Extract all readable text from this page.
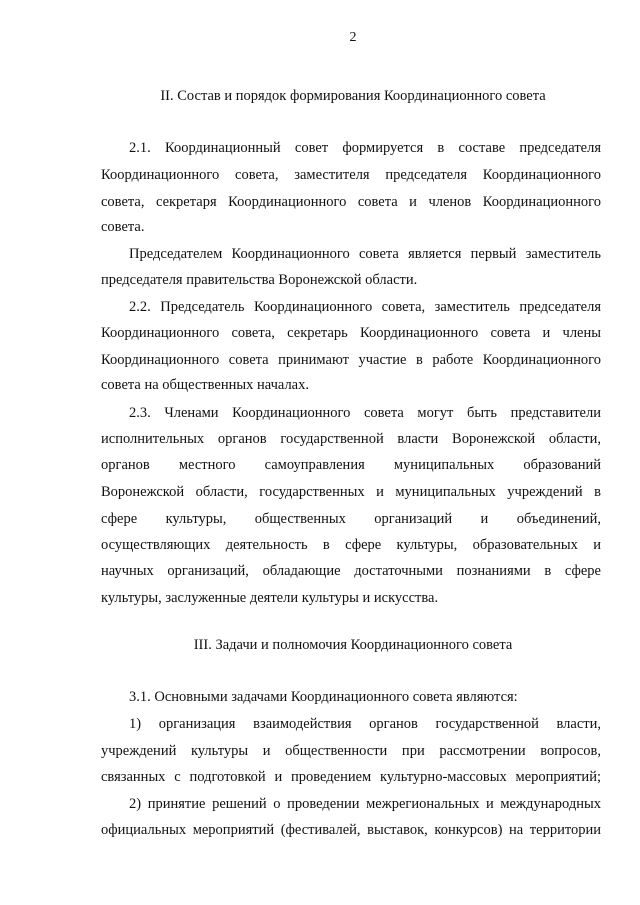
2
II. Состав и порядок формирования Координационного совета
2.1. Координационный совет формируется в составе председателя
Координационного совета, заместителя председателя Координационного
совета, секретаря Координационного совета и членов Координационного
совета.
Председателем Координационного совета является первый заместитель
председателя правительства Воронежской области.
2.2. Председатель Координационного совета, заместитель председателя
Координационного совета, секретарь Координационного совета и члены
Координационного совета принимают участие в работе Координационного
совета на общественных началах.
2.3. Членами Координационного совета могут быть представители
исполнительных органов государственной власти Воронежской области,
органов местного самоуправления муниципальных образований
Воронежской области, государственных и муниципальных учреждений в
сфере культуры, общественных организаций и объединений,
осуществляющих деятельность в сфере культуры, образовательных и
научных организаций, обладающие достаточными познаниями в сфере
культуры, заслуженные деятели культуры и искусства.
III. Задачи и полномочия Координационного совета
3.1. Основными задачами Координационного совета являются:
1) организация взаимодействия органов государственной власти,
учреждений культуры и общественности при рассмотрении вопросов,
связанных с подготовкой и проведением культурно-массовых мероприятий;
2) принятие решений о проведении межрегиональных и международных
официальных мероприятий (фестивалей, выставок, конкурсов) на территории
